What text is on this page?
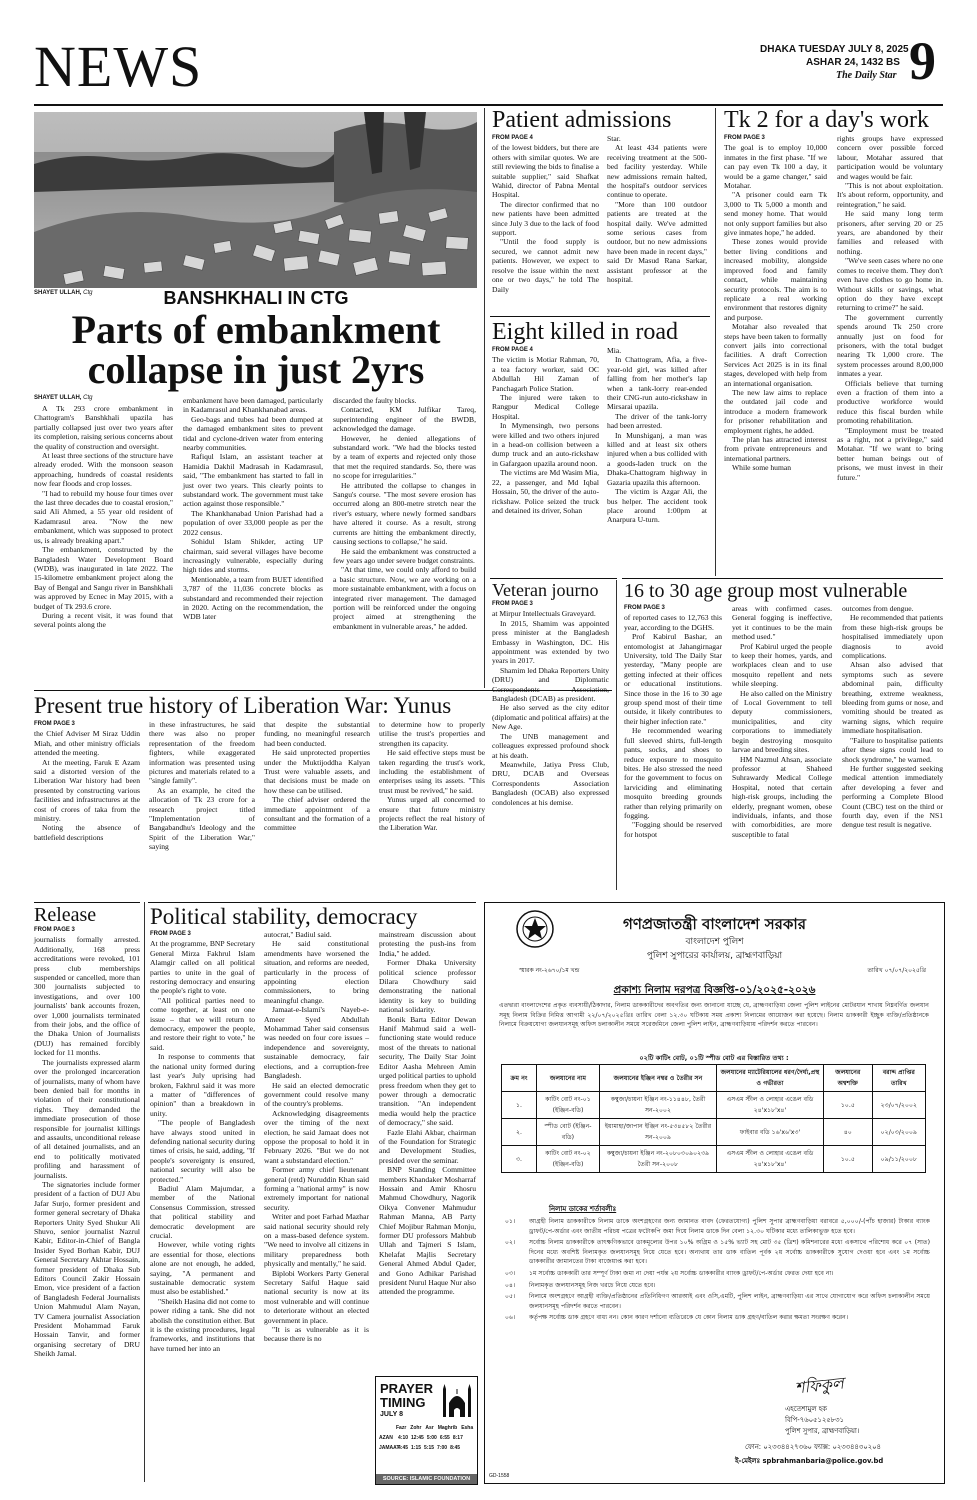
NEWS	DHAKA TUESDAY JULY 8, 2025
ASHAR 24, 1432 BS
The Daily Star 9
SHAYET ULLAH, Ctg	BANSHKHALI IN CTG
Parts of embankment collapse in just 2yrs
SHAYET ULLAH, Ctg

A Tk 293 crore embankment in Chattogram's Banshkhali upazila has partially collapsed just over two years after its completion, raising serious concerns about the quality of construction and oversight.

At least three sections of the structure have already eroded. With the monsoon season approaching, hundreds of coastal residents now fear floods and crop losses.

"I had to rebuild my house four times over the last three decades due to coastal erosion," said Ali Ahmed, a 55 year old resident of Kadamrasul area. "Now the new embankment, which was supposed to protect us, is already breaking apart."

The embankment, constructed by the Bangladesh Water Development Board (WDB), was inaugurated in late 2022. The 15-kilometre embankment project along the Bay of Bengal and Sangu river in Banshkhali was approved by Ecnec in May 2015, with a budget of Tk 293.6 crore.

During a recent visit, it was found that several points along the

embankment have been damaged, particularly in Kadamrasul and Khankhanabad areas.

Geo-bags and tubes had been dumped at the damaged embankment sites to prevent tidal and cyclone-driven water from entering nearby communities.

Rafiqul Islam, an assistant teacher at Hamidia Dakhil Madrasah in Kadamrasul, said, "The embankment has started to fall in just over two years. This clearly points to substandard work. The government must take action against those responsible."

The Khankhanabad Union Parishad had a population of over 33,000 people as per the 2022 census.

Sohidul Islam Shikder, acting UP chairman, said several villages have become increasingly vulnerable, especially during high tides and storms.

Mentionable, a team from BUET identified 3,787 of the 11,036 concrete blocks as substandard and recommended their rejection in 2020. Acting on the recommendation, the WDB later

discarded the faulty blocks.

Contacted, KM Julfikar Tareq, superintending engineer of the BWDB, acknowledged the damage.

However, he denied allegations of substandard work. "We had the blocks tested by a team of experts and rejected only those that met the required standards. So, there was no scope for irregularities."

He attributed the collapse to changes in Sangu's course. "The most severe erosion has occurred along an 800-metre stretch near the river's estuary, where newly formed sandbars have altered it course. As a result, strong currents are hitting the embankment directly, causing sections to collapse," he said.

He said the embankment was constructed a few years ago under severe budget constraints.

"At that time, we could only afford to build a basic structure. Now, we are working on a more sustainable embankment, with a focus on integrated river management. The damaged portion will be reinforced under the ongoing project aimed at strengthening the embankment in vulnerable areas," he added.

Patient admissions
FROM PAGE 4

of the lowest bidders, but there are others with similar quotes. We are still reviewing the bids to finalise a suitable supplier," said Shafkat Wahid, director of Pabna Mental Hospital.

The director confirmed that no new patients have been admitted since July 3 due to the lack of food support.

"Until the food supply is secured, we cannot admit new patients. However, we expect to resolve the issue within the next one or two days," he told The Daily

Star.

At least 434 patients were receiving treatment at the 500-bed facility yesterday. While new admissions remain halted, the hospital's outdoor services continue to operate.

"More than 100 outdoor patients are treated at the hospital daily. We've admitted some serious cases from outdoor, but no new admissions have been made in recent days," said Dr Masud Rana Sarkar, assistant professor at the hospital.

Tk 2 for a day's work
FROM PAGE 3

The goal is to employ 10,000 inmates in the first phase. "If we can pay even Tk 100 a day, it would be a game changer," said Motahar.

"A prisoner could earn Tk 3,000 to Tk 5,000 a month and send money home. That would not only support families but also give inmates hope," he added.

These zones would provide better living conditions and increased mobility, alongside improved food and family contact, while maintaining security protocols. The aim is to replicate a real working environment that restores dignity and purpose.

Motahar also revealed that steps have been taken to formally convert jails into correctional facilities. A draft Correction Services Act 2025 is in its final stages, developed with help from an international organisation.

The new law aims to replace the outdated jail code and introduce a modern framework for prisoner rehabilitation and employment rights, he added.

The plan has attracted interest from private entrepreneurs and international partners.

While some human

rights groups have expressed concern over possible forced labour, Motahar assured that participation would be voluntary and wages would be fair.

"This is not about exploitation. It's about reform, opportunity, and reintegration," he said.

He said many long term prisoners, after serving 20 or 25 years, are abandoned by their families and released with nothing.

"We've seen cases where no one comes to receive them. They don't even have clothes to go home in. Without skills or savings, what option do they have except returning to crime?" he said.

The government currently spends around Tk 250 crore annually just on food for prisoners, with the total budget nearing Tk 1,000 crore. The system processes around 8,00,000 inmates a year.

Officials believe that turning even a fraction of them into a productive workforce would reduce this fiscal burden while promoting rehabilitation.

"Employment must be treated as a right, not a privilege," said Motahar. "If we want to bring better human beings out of prisons, we must invest in their future."

Eight killed in road
FROM PAGE 4

The victim is Motiar Rahman, 70, a tea factory worker, said OC Abdullah Hil Zaman of Panchagarh Police Station.

The injured were taken to Rangpur Medical College Hospital.

In Mymensingh, two persons were killed and two others injured in a head-on collision between a dump truck and an auto-rickshaw in Gafargaon upazila around noon.

The victims are Md Wasim Mia, 22, a passenger, and Md Iqbal Hossain, 50, the driver of the auto-rickshaw. Police seized the truck and detained its driver, Sohan

Mia.

In Chattogram, Afia, a five-year-old girl, was killed after falling from her mother's lap when a tank-lorry rear-ended their CNG-run auto-rickshaw in Mirsarai upazila.

The driver of the tank-lorry had been arrested.

In Munshiganj, a man was killed and at least six others injured when a bus collided with a goods-laden truck on the Dhaka-Chattogram highway in Gazaria upazila this afternoon.

The victim is Azgar Ali, the bus helper. The accident took place around 1:00pm at Anarpura U-turn.

Veteran journo
FROM PAGE 3

at Mirpur Intellectuals Graveyard.

In 2015, Shamim was appointed press minister at the Bangladesh Embassy in Washington, DC. His appointment was extended by two years in 2017.

Shamim led Dhaka Reporters Unity (DRU) and Diplomatic Bangladesh (DCAB) as president.

He also served as the city editor (diplomatic and political affairs) at the New Age.

The UNB management and colleagues expressed profound shock at his death.

Meanwhile, Jatiya Press Club, DRU, DCAB and Overseas Correspondents Association Bangladesh (OCAB) also expressed condolences at his demise.

16 to 30 age group most vulnerable
FROM PAGE 3

of reported cases to 12,763 this year, according to the DGHS.

Prof Kabirul Bashar, an entomologist at Jahangirnagar University, told The Daily Star yesterday, "Many people are getting infected at their offices or educational institutions. Since those in the 16 to 30 age group spend most of their time outside, it likely contributes to their higher infection rate."

He recommended wearing full sleeved shirts, full-length pants, socks, and shoes to reduce exposure to mosquito bites. He also stressed the need for the government to focus on larviciding and eliminating mosquito breeding grounds rather than relying primarily on fogging.

"Fogging should be reserved for hotspot

areas with confirmed cases. General fogging is ineffective, yet it continues to be the main method used."

Prof Kabirul urged the people to keep their homes, yards, and workplaces clean and to use mosquito repellent and nets while sleeping.

He also called on the Ministry of Local Government to tell deputy commissioners, municipalities, and city corporations to immediately begin destroying mosquito larvae and breeding sites.

HM Nazmul Ahsan, associate professor at Shaheed Suhrawardy Medical College Hospital, noted that certain high-risk groups, including the elderly, pregnant women, obese individuals, infants, and those with comorbidities, are more susceptible to fatal

outcomes from dengue.

He recommended that patients from these high-risk groups be hospitalised immediately upon diagnosis to avoid complications.

Ahsan also advised that symptoms such as severe abdominal pain, difficulty breathing, extreme weakness, bleeding from gums or nose, and vomiting should be treated as warning signs, which require immediate hospitalisation.

"Failure to hospitalise patients after these signs could lead to shock syndrome," he warned.

He further suggested seeking medical attention immediately after developing a fever and performing a Complete Blood Count (CBC) test on the third or fourth day, even if the NS1 dengue test result is negative.

Present true history of Liberation War: Yunus
FROM PAGE 3

the Chief Adviser M Siraz Uddin Miah, and other ministry officials attended the meeting.

At the meeting, Faruk E Azam said a distorted version of the Liberation War history had been presented by constructing various facilities and infrastructures at the cost of crores of taka from the ministry.

Noting the absence of battlefield descriptions

in these infrastructures, he said there was also no proper representation of the freedom fighters, while exaggerated information was presented using pictures and materials related to a "single family".

As an example, he cited the allocation of Tk 23 crore for a research project titled "Implementation of Bangabandhu's Ideology and the Spirit of the Liberation War," saying

that despite the substantial funding, no meaningful research had been conducted.

He said unprotected properties under the Muktijoddha Kalyan Trust were valuable assets, and that decisions must be made on how these can be utilised.

The chief adviser ordered the immediate appointment of a consultant and the formation of a committee

to determine how to properly utilise the trust's properties and strengthen its capacity.

He said effective steps must be taken regarding the trust's work, including the establishment of enterprises using its assets. "This trust must be revived," he said.

Yunus urged all concerned to ensure that future ministry projects reflect the real history of the Liberation War.

Release
FROM PAGE 3

journalists formally arrested. Additionally, 168 press accreditations were revoked, 101 press club memberships suspended or cancelled, more than 300 journalists subjected to investigations, and over 100 journalists' bank accounts frozen, over 1,000 journalists terminated from their jobs, and the office of the Dhaka Union of Journalists (DUJ) has remained forcibly locked for 11 months.

The journalists expressed alarm over the prolonged incarceration of journalists, many of whom have been denied bail for months in violation of their constitutional rights. They demanded the immediate prosecution of those responsible for journalist killings and assaults, unconditional release of all detained journalists, and an end to politically motivated profiling and harassment of journalists.

The signatories include former president of a faction of DUJ Abu Jafar Surjo, former president and former general secretary of Dhaka Reporters Unity Syed Shukur Ali Shuvo, senior journalist Nazrul Kabir, Editor-in-Chief of Bangla Insider Syed Borhan Kabir, DUJ General Secretary Akhtar Hossain, former president of Dhaka Sub Editors Council Zakir Hossain Emon, vice president of a faction of Bangladesh Federal Journalists Union Mahmudul Alam Nayan, TV Camera journalist Association President Mohammad Faruk Hossain Tanvir, and former organising secretary of DRU Sheikh Jamal.

Political stability, democracy
FROM PAGE 3

At the programme, BNP Secretary General Mirza Fakhrul Islam Alamgir called on all political parties to unite in the goal of restoring democracy and ensuring the people's right to vote.

"All political parties need to come together, at least on one issue – that we will return to democracy, empower the people, and restore their right to vote," he said.

In response to comments that the national unity formed during last year's July uprising had broken, Fakhrul said it was more a matter of "differences of opinion" than a breakdown in unity.

"The people of Bangladesh have always stood united in defending national security during times of crisis, he said, adding, "If people's sovereignty is ensured, national security will also be protected."

Badiul Alam Majumdar, a member of the National Consensus Commission, stressed that political stability and democratic development are crucial.

However, while voting rights are essential for those, elections alone are not enough, he added, saying, "A permanent and sustainable democratic system must also be established."

"Sheikh Hasina did not come to power riding a tank. She did not abolish the constitution either. But it is the existing procedures, legal frameworks, and institutions that have turned her into an

autocrat," Badiul said.

He said constitutional amendments have worsened the situation, and reforms are needed, particularly in the process of appointing election commissioners, to bring meaningful change.

Jamaat-e-Islami's Nayeb-e-Ameer Syed Abdullah Mohammad Taher said consensus was needed on four core issues – independence and sovereignty, sustainable democracy, fair elections, and a corruption-free Bangladesh.

He said an elected democratic government could resolve many of the country's problems.

Acknowledging disagreements over the timing of the next election, he said Jamaat does not oppose the proposal to hold it in February 2026. "But we do not want a substandard election."

Former army chief lieutenant general (retd) Nuruddin Khan said forming a "national army" is now extremely important for national security.

Writer and poet Farhad Mazhar said national security should rely on a mass-based defence system. "We need to involve all citizens in military preparedness both physically and mentally," he said.

Biplobi Workers Party General Secretary Saiful Haque said national security is now at its most vulnerable and will continue to deteriorate without an elected government in place.

"It is as vulnerable as it is because there is no

mainstream discussion about protesting the push-ins from India," he added.

Former Dhaka University political science professor Dilara Chowdhury said demonstrating the national identity is key to building national solidarity.

Bonik Barta Editor Dewan Hanif Mahmud said a well-functioning state would reduce most of the threats to national security, The Daily Star Joint Editor Aasha Mehreen Amin urged political parties to uphold press freedom when they get to power through a democratic transition. "An independent media would help the practice of democracy," she said.

Fazle Elahi Akbar, chairman of the Foundation for Strategic and Development Studies, presided over the seminar.

BNP Standing Committee members Khandaker Mosharraf Hossain and Amir Khosru Mahmud Chowdhury, Nagorik Oikya Convener Mahmudur Rahman Manna, AB Party Chief Mojibur Rahman Monju, former DU professors Mahbub Ullah and Tajmeri S Islam, Khelafat Majlis Secretary General Ahmed Abdul Qader, and Gono Adhikar Parishad president Nurul Haque Nur also attended the programme.

PRAYER
TIMING
JULY 8
Fazr Zohr Asr Maghrib Esha
AZAN	4:10 12:45 5:00 6:55 8:17
JAMAAT
4:45 1:15 5:15 7:00 8:45
SOURCE: ISLAMIC FOUNDATION
গণপ্রজাতন্ত্রী বাংলাদেশ সরকার
বাংলাদেশ পুলিশ
পুলিশ সুপারের কার্যালয়, ব্রাহ্মণবাড়িয়া
স্মারক নং-২৬৭০/১ম খন্ড	তারিখ ০৭/০৭/২০২৫খ্রি
প্রকাশ্য নিলাম দরপত্র বিজ্ঞপ্তি-০১/২০২৫-২০২৬
এতদ্বারা বাংলাদেশের প্রকৃত ব্যবসায়ী/ঠিকাদার, নিলাম ডাককারীদের অবগতির জন্য জানানো যাচ্ছে যে, ব্রাহ্মণবাড়িয়া জেলা পুলিশ লাইনের মোটরযান শাখায় নিম্নবর্ণিত জলযান সমূহ নিলাম বিক্রির নিমিত্ত আগামী ২২/০৭/২০২৫খ্রিঃ তারিখ বেলা ১২.৩০ ঘটিকায় সময় প্রকাশ্য নিলামের আয়োজন করা হয়েছে। নিলাম ডাককারী ইচ্ছুক ব্যক্তি/প্রতিষ্ঠানকে নিলামে বিক্রয়যোগ্য জলযানসমূহ অফিস চলাকালীন সময়ে সরেজমিনে জেলা পুলিশ লাইন, ব্রাহ্মণবাড়িয়ায় পরিদর্শন করতে পারবেন।
০২টি কাটিং বোট, ০১টি স্পীড বোট এর বিস্তারিত তথ্য :
ক্রম নং	জলযানের নাম	জলযানের ইঞ্জিন নম্বর ও তৈরীর সন	জলযানের ম্যাটেরিয়ালের ধরণ/দৈর্ঘ্য,প্রস্থ ও গভীরতা	জলযানের অশ্বশক্তি	বরাদ্দ প্রাপ্তির তারিখ
১.	কাটিং বোট নং-০১ (ইঞ্জিন-বডি)	কম্বুজা/চায়না ইঞ্জিন নং-১১৪৪৮, তৈরী সন-২০০২	এসএম স্টীল ও লোহার এঙেল বডি ২৪'x১৮'x৪'	১০.৫	২৩/০৭/২০০২
২.	স্পীড বোট (ইঞ্জিন-বডি)	ইয়ামাহা/জাপান ইঞ্জিন নং-৫৩৪৫৮২ তৈরীর সন-২০০৯	ফাইবার বডি ১৬'x৬'x৩'	৪০	০২/০৩/২০০৯
৩.	কাটিং বোট নং-০২ (ইঞ্জিন-বডি)	কম্বুজা/চায়না ইঞ্জিন নং-২০৮০৩০৯০২৩৯ তৈরী সন-২০০৮	এসএম স্টীল ও লোহার এঙেল বডি ২৪'x১৮'x৪'	১০.৫	০৯/১১/২০০৮
নিলাম ডাকের শর্তাবলীঃ
০১।	আগ্রহী নিলাম ডাককারীকে নিলাম ডাকে অংশগ্রহণের জন্য জামানত বাবদ (ফেরতযোগ্য) পুলিশ সুপার ব্রাহ্মণবাড়িয়া বরাবরে ৫,০০০/-(পাঁচ হাজার) টাকার ব্যাংক ড্রাফট/পে-অর্ডার এবং জাতীয় পরিচয় পত্রের ফটোকপি জমা দিয়ে নিলাম ডাকে দিন বেলা ১২.৩০ ঘটিকার মধ্যে তালিকাভুক্ত হতে হবে।
০২।	সর্বোচ্চ নিলাম ডাককারীকে তাৎক্ষণিকভাবে ডাকমূল্যের উপর ১০% অগ্রিম ও ১৫% ভ্যাট সহ মোট ৩৫ (ত্রিশ) কমিশনারের মধ্যে একসাথে পরিশোধ করে ০৭ (সাত) দিনের মধ্যে অবশিষ্ট নিলামকৃত জলযানসমূহ নিয়ে যেতে হবে। অন্যথায় তার ডাক বাতিল পূর্বক ২য় সর্বোচ্চ ডাককারীকে সুযোগ দেওয়া হবে এবং ১ম সর্বোচ্চ ডাককারীর জামানতের টাকা বাজেয়াপ্ত করা হবে।
০৩।	১ম সর্বোচ্চ ডাককারী তার সম্পূর্ণ টাকা জমা না দেয়া পর্যন্ত ২য় সর্বোচ্চ ডাককারীর ব্যাংক ড্রাফট/পে-অর্ডার ফেরত দেয়া হবে না।
০৪।	নিলামকৃত জলযানসমূহ নিজ খরচে নিয়ে যেতে হবে।
০৫।	নিলামে অংশগ্রহণে আগ্রহী ব্যক্তি/প্রতিষ্ঠানের প্রতিনিধিগণ আরআই এবং ওসি,এমটি, পুলিশ লাইন, ব্রাহ্মণবাড়িয়া এর সাথে যোগাযোগ করে অফিস চলাকালীন সময়ে জলযানসমূহ পরিদর্শন করতে পারবেন।
০৬।	কর্তৃপক্ষ সর্বোচ্চ ডাক গ্রহণে বাধ্য নন। কোন কারণ দর্শানো ব্যতিরেকে যে কোন নিলাম ডাক গ্রহণ/বাতিল করার ক্ষমতা সংরক্ষণ করেন।
শফিকুল
এহতেশামুল হক
বিপি-৭৬০৫১২৫৮৩১
পুলিশ সুপার, ব্রাহ্মণবাড়িয়া।
ফোন: ০২৩৩৪৪২৭৩৬০ ফ্যাক্স: ০২৩৩৪৪৩০২০৪
ই-মেইলঃ spbrahmanbaria@police.gov.bd
GD-1558
